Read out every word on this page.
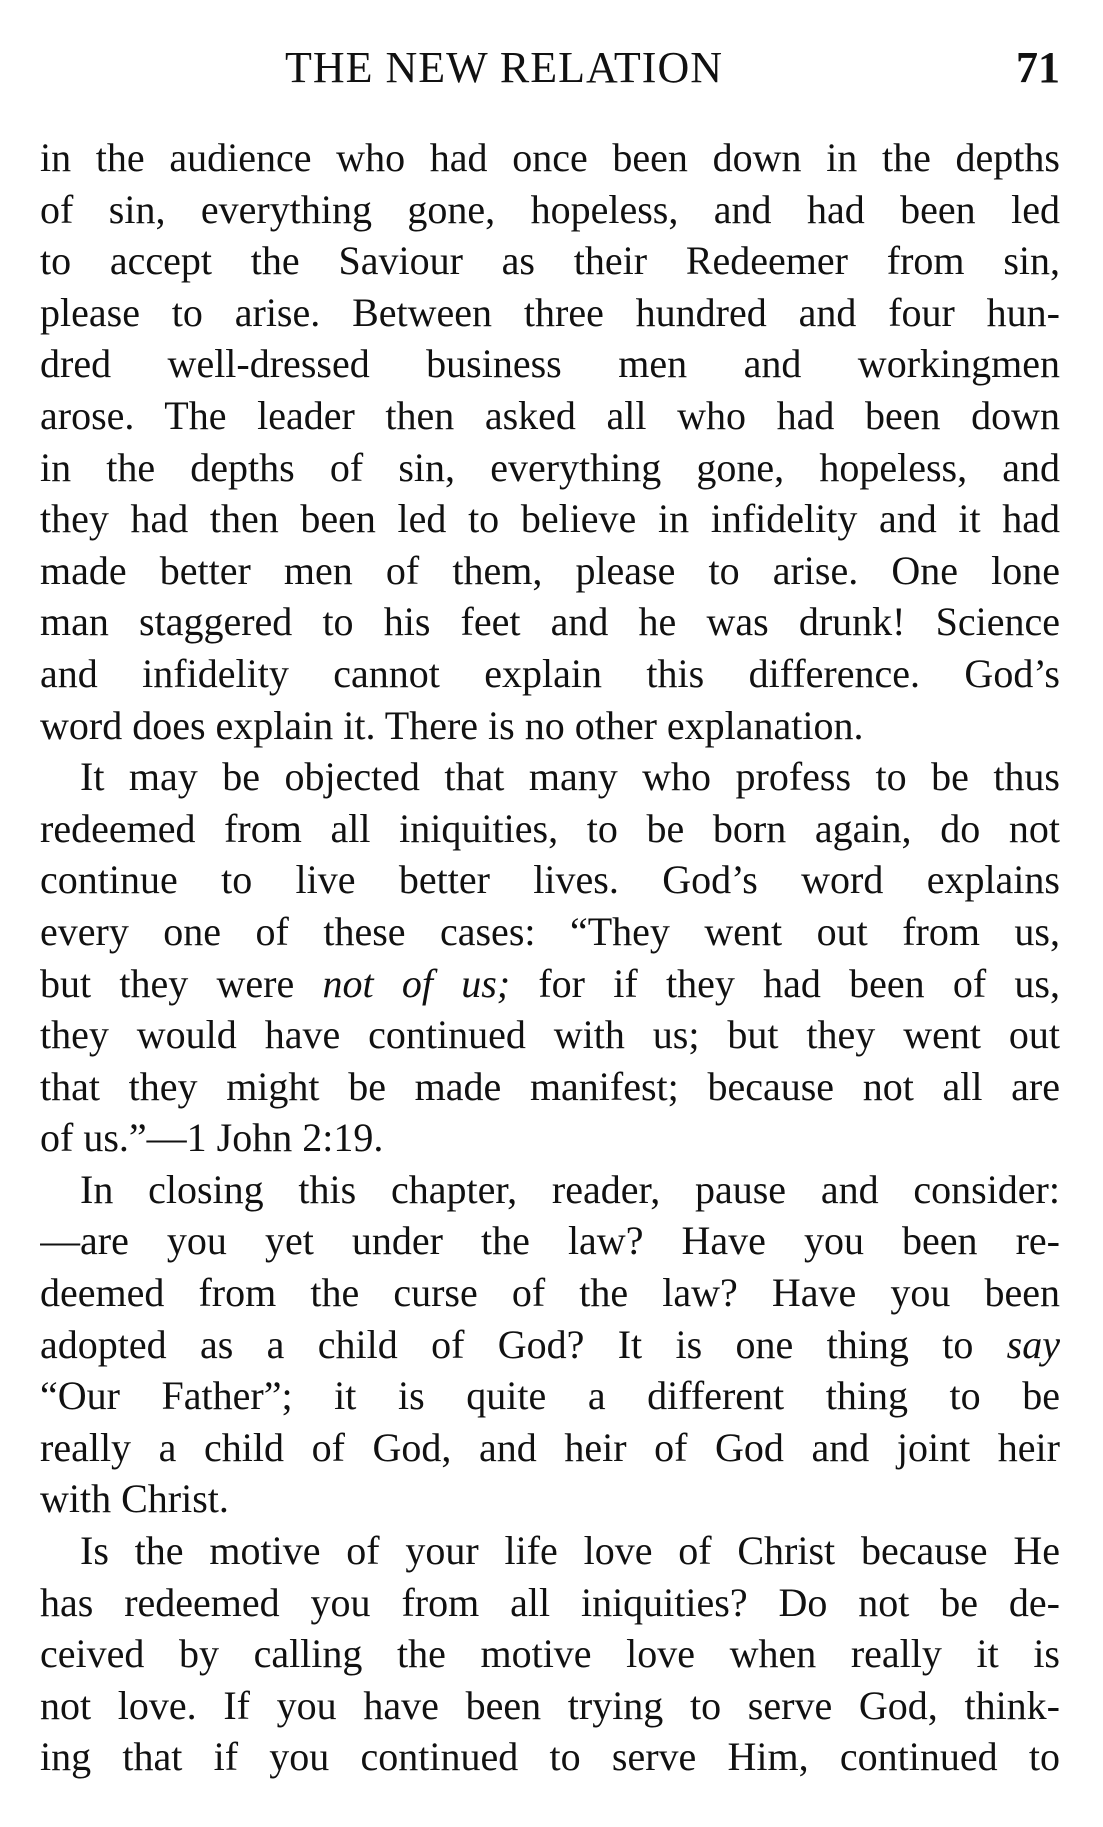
THE NEW RELATION	71
in the audience who had once been down in the depths
of sin, everything gone, hopeless, and had been led
to accept the Saviour as their Redeemer from sin,
please to arise. Between three hundred and four hun-
dred well-dressed business men and workingmen
arose. The leader then asked all who had been down
in the depths of sin, everything gone, hopeless, and
they had then been led to believe in infidelity and it had
made better men of them, please to arise. One lone
man staggered to his feet and he was drunk! Science
and infidelity cannot explain this difference. God’s
word does explain it. There is no other explanation.
It may be objected that many who profess to be thus
redeemed from all iniquities, to be born again, do not
continue to live better lives. God’s word explains
every one of these cases: “They went out from us,
but they were not of us; for if they had been of us,
they would have continued with us; but they went out
that they might be made manifest; because not all are
of us.”—1 John 2:19.
In closing this chapter, reader, pause and consider:
—are you yet under the law? Have you been re-
deemed from the curse of the law? Have you been
adopted as a child of God? It is one thing to say
“Our Father”; it is quite a different thing to be
really a child of God, and heir of God and joint heir
with Christ.
Is the motive of your life love of Christ because He
has redeemed you from all iniquities? Do not be de-
ceived by calling the motive love when really it is
not love. If you have been trying to serve God, think-
ing that if you continued to serve Him, continued to
